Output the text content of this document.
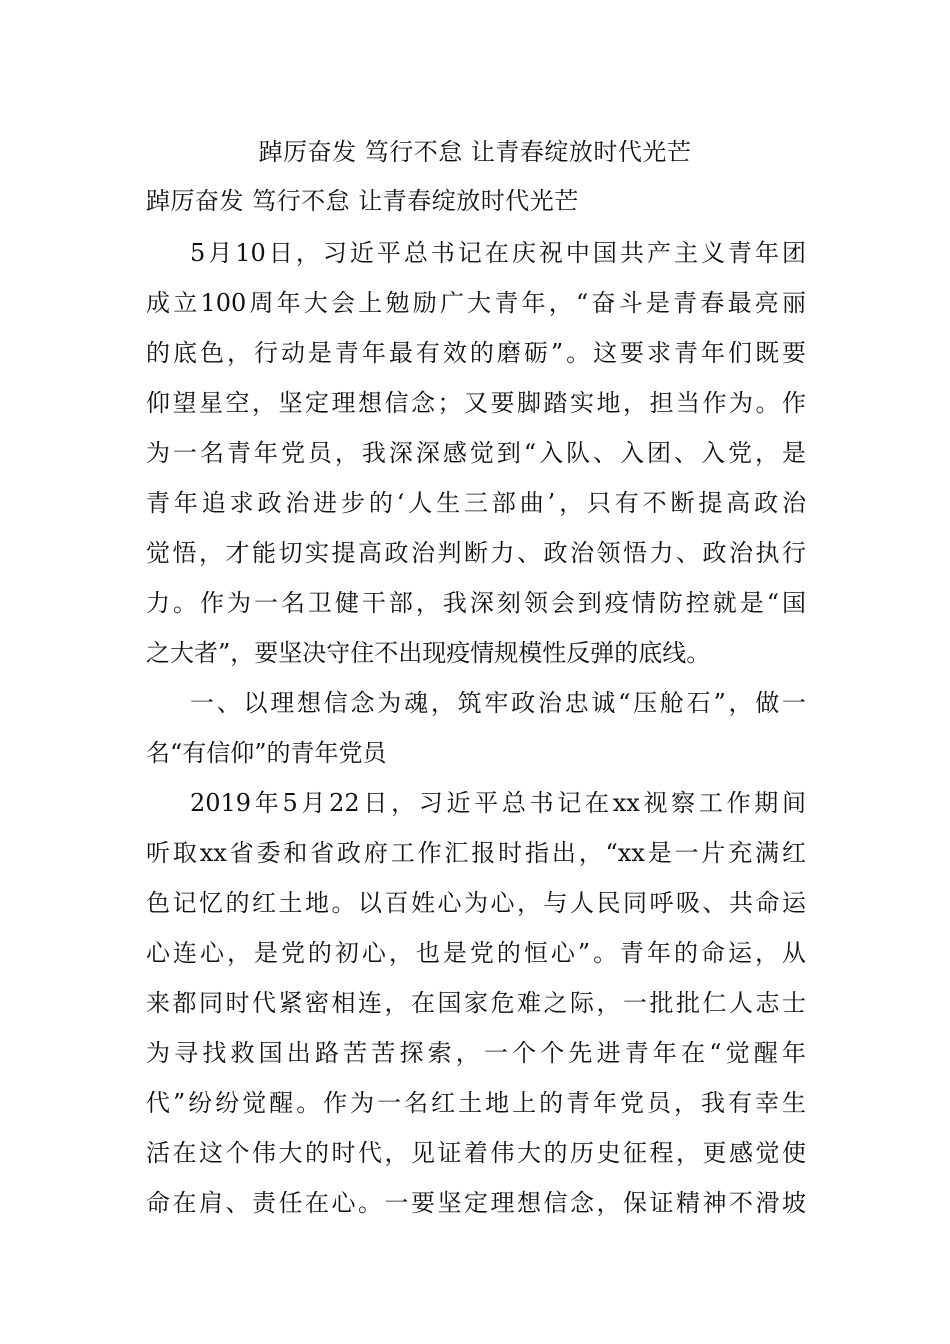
踔厉奋发 笃行不怠 让青春绽放时代光芒
踔厉奋发 笃行不怠 让青春绽放时代光芒
5月10日，习近平总书记在庆祝中国共产主义青年团
成立100周年大会上勉励广大青年，“奋斗是青春最亮丽
的底色，行动是青年最有效的磨砺”。这要求青年们既要
仰望星空，坚定理想信念；又要脚踏实地，担当作为。作
为一名青年党员，我深深感觉到“入队、入团、入党，是
青年追求政治进步的‘人生三部曲’，只有不断提高政治
觉悟，才能切实提高政治判断力、政治领悟力、政治执行
力。作为一名卫健干部，我深刻领会到疫情防控就是“国
之大者”，要坚决守住不出现疫情规模性反弹的底线。
一、以理想信念为魂，筑牢政治忠诚“压舱石”，做一
名“有信仰”的青年党员
2019年5月22日，习近平总书记在xx视察工作期间
听取xx省委和省政府工作汇报时指出，“xx是一片充满红
色记忆的红土地。以百姓心为心，与人民同呼吸、共命运
心连心，是党的初心，也是党的恒心”。青年的命运，从
来都同时代紧密相连，在国家危难之际，一批批仁人志士
为寻找救国出路苦苦探索，一个个先进青年在“觉醒年
代”纷纷觉醒。作为一名红土地上的青年党员，我有幸生
活在这个伟大的时代，见证着伟大的历史征程，更感觉使
命在肩、责任在心。一要坚定理想信念，保证精神不滑坡
